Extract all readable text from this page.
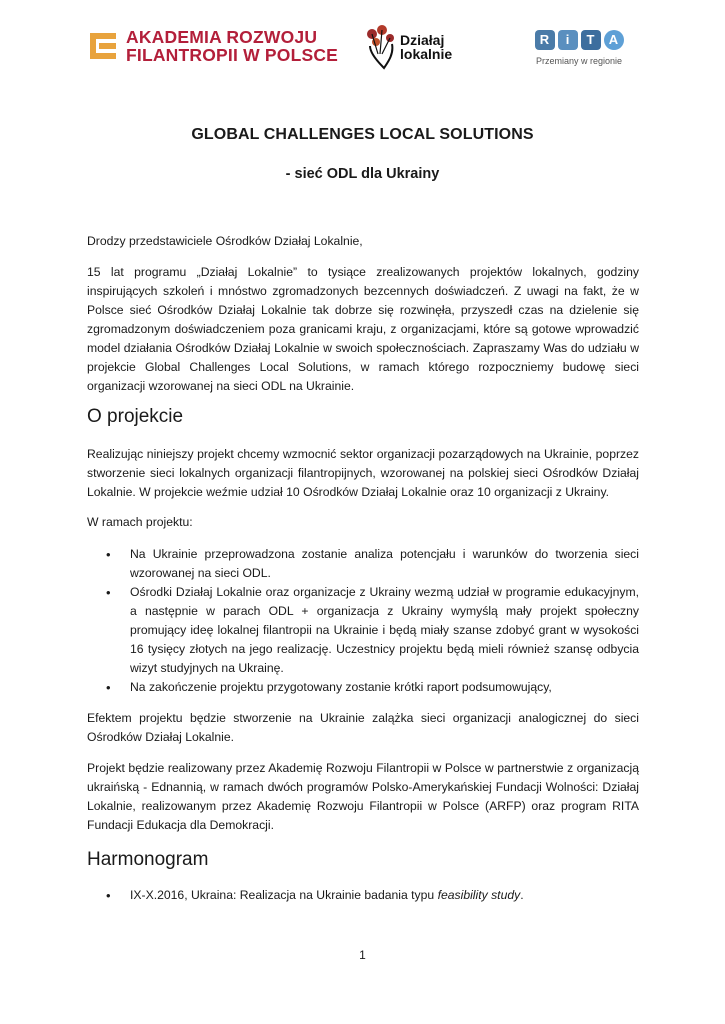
AKADEMIA ROZWOJU
FILANTROPII W POLSCE
Działaj
lokalnie
R	i	T	A
Przemiany w regionie
GLOBAL CHALLENGES LOCAL SOLUTIONS
- sieć ODL dla Ukrainy
Drodzy przedstawiciele Ośrodków Działaj Lokalnie,
15 lat programu „Działaj Lokalnie” to tysiące zrealizowanych projektów lokalnych, godziny inspirujących szkoleń i mnóstwo zgromadzonych bezcennych doświadczeń. Z uwagi na fakt, że w Polsce sieć Ośrodków Działaj Lokalnie tak dobrze się rozwinęła, przyszedł czas na dzielenie się zgromadzonym doświadczeniem poza granicami kraju, z organizacjami, które są gotowe wprowadzić model działania Ośrodków Działaj Lokalnie w swoich społecznościach. Zapraszamy Was do udziału w projekcie Global Challenges Local Solutions, w ramach którego rozpoczniemy budowę sieci organizacji wzorowanej na sieci ODL na Ukrainie.
O projekcie
Realizując niniejszy projekt chcemy wzmocnić sektor organizacji pozarządowych na Ukrainie, poprzez stworzenie sieci lokalnych organizacji filantropijnych, wzorowanej na polskiej sieci Ośrodków Działaj Lokalnie. W projekcie weźmie udział 10 Ośrodków Działaj Lokalnie oraz 10 organizacji z Ukrainy.
W ramach projektu:
• Na Ukrainie przeprowadzona zostanie analiza potencjału i warunków do tworzenia sieci wzorowanej na sieci ODL.
• Ośrodki Działaj Lokalnie oraz organizacje z Ukrainy wezmą udział w programie edukacyjnym, a następnie w parach ODL + organizacja z Ukrainy wymyślą mały projekt społeczny promujący ideę lokalnej filantropii na Ukrainie i będą miały szanse zdobyć grant w wysokości 16 tysięcy złotych na jego realizację. Uczestnicy projektu będą mieli również szansę odbycia wizyt studyjnych na Ukrainę.
• Na zakończenie projektu przygotowany zostanie krótki raport podsumowujący,
Efektem projektu będzie stworzenie na Ukrainie zalążka sieci organizacji analogicznej do sieci Ośrodków Działaj Lokalnie.
Projekt będzie realizowany przez Akademię Rozwoju Filantropii w Polsce w partnerstwie z organizacją ukraińską - Ednannią, w ramach dwóch programów Polsko-Amerykańskiej Fundacji Wolności: Działaj Lokalnie, realizowanym przez Akademię Rozwoju Filantropii w Polsce (ARFP) oraz program RITA Fundacji Edukacja dla Demokracji.
Harmonogram
• IX-X.2016, Ukraina: Realizacja na Ukrainie badania typu feasibility study.
1
